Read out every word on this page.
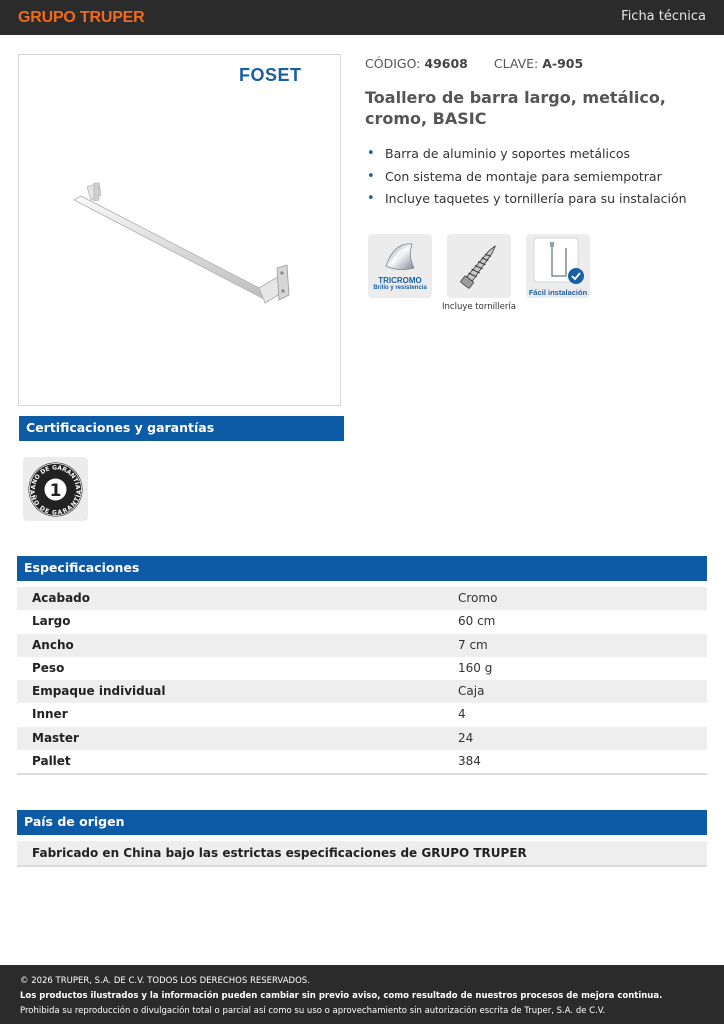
GRUPO TRUPER	Ficha técnica
FOSET
CÓDIGO: 49608 CLAVE: A-905
Toallero de barra largo, metálico, cromo, BASIC
• Barra de aluminio y soportes metálicos
• Con sistema de montaje para semiempotrar
• Incluye taquetes y tornillería para su instalación
TRICROMO
Brillo y resistencia
Incluye tornillería
Fácil instalación
Certificaciones y garantías
AÑO DE GARANTÍA
AÑO DE GARANTÍA
1
Especificaciones
Acabado	Cromo
Largo	60 cm
Ancho	7 cm
Peso	160 g
Empaque individual	Caja
Inner	4
Master	24
Pallet	384
País de origen
Fabricado en China bajo las estrictas especificaciones de GRUPO TRUPER
© 2026 TRUPER, S.A. DE C.V. TODOS LOS DERECHOS RESERVADOS.
Los productos ilustrados y la información pueden cambiar sin previo aviso, como resultado de nuestros procesos de mejora continua.
Prohibida su reproducción o divulgación total o parcial así como su uso o aprovechamiento sin autorización escrita de Truper, S.A. de C.V.
